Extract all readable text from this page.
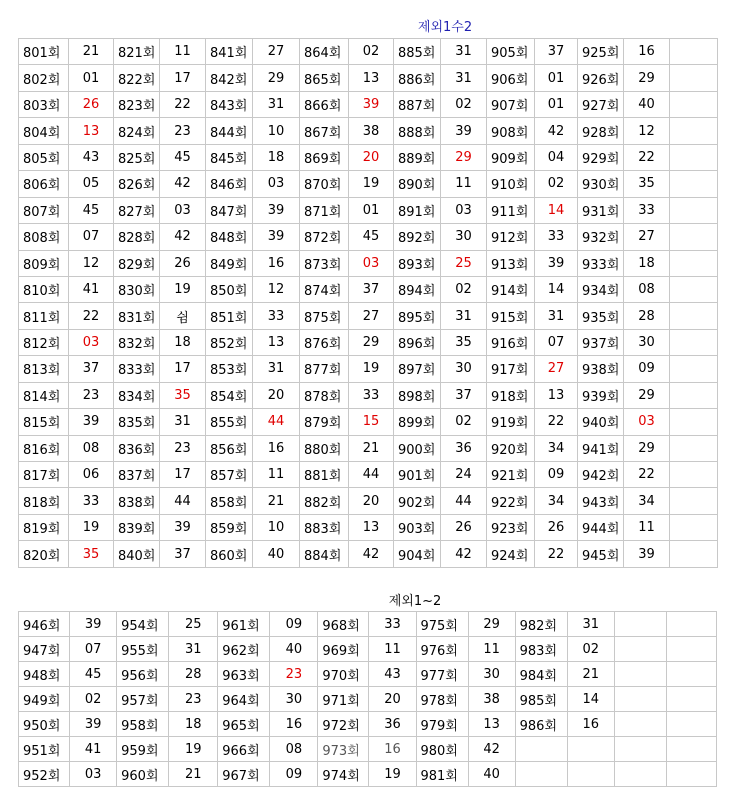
제외1수2
801회	21	821회	11	841회	27	864회	02	885회	31	905회	37	925회	16	
802회	01	822회	17	842회	29	865회	13	886회	31	906회	01	926회	29	
803회	26	823회	22	843회	31	866회	39	887회	02	907회	01	927회	40	
804회	13	824회	23	844회	10	867회	38	888회	39	908회	42	928회	12	
805회	43	825회	45	845회	18	869회	20	889회	29	909회	04	929회	22	
806회	05	826회	42	846회	03	870회	19	890회	11	910회	02	930회	35	
807회	45	827회	03	847회	39	871회	01	891회	03	911회	14	931회	33	
808회	07	828회	42	848회	39	872회	45	892회	30	912회	33	932회	27	
809회	12	829회	26	849회	16	873회	03	893회	25	913회	39	933회	18	
810회	41	830회	19	850회	12	874회	37	894회	02	914회	14	934회	08	
811회	22	831회	쉼	851회	33	875회	27	895회	31	915회	31	935회	28	
812회	03	832회	18	852회	13	876회	29	896회	35	916회	07	937회	30	
813회	37	833회	17	853회	31	877회	19	897회	30	917회	27	938회	09	
814회	23	834회	35	854회	20	878회	33	898회	37	918회	13	939회	29	
815회	39	835회	31	855회	44	879회	15	899회	02	919회	22	940회	03	
816회	08	836회	23	856회	16	880회	21	900회	36	920회	34	941회	29	
817회	06	837회	17	857회	11	881회	44	901회	24	921회	09	942회	22	
818회	33	838회	44	858회	21	882회	20	902회	44	922회	34	943회	34	
819회	19	839회	39	859회	10	883회	13	903회	26	923회	26	944회	11	
820회	35	840회	37	860회	40	884회	42	904회	42	924회	22	945회	39	
제외1~2
946회	39	954회	25	961회	09	968회	33	975회	29	982회	31		
947회	07	955회	31	962회	40	969회	11	976회	11	983회	02		
948회	45	956회	28	963회	23	970회	43	977회	30	984회	21		
949회	02	957회	23	964회	30	971회	20	978회	38	985회	14		
950회	39	958회	18	965회	16	972회	36	979회	13	986회	16		
951회	41	959회	19	966회	08	973회	16	980회	42				
952회	03	960회	21	967회	09	974회	19	981회	40				
